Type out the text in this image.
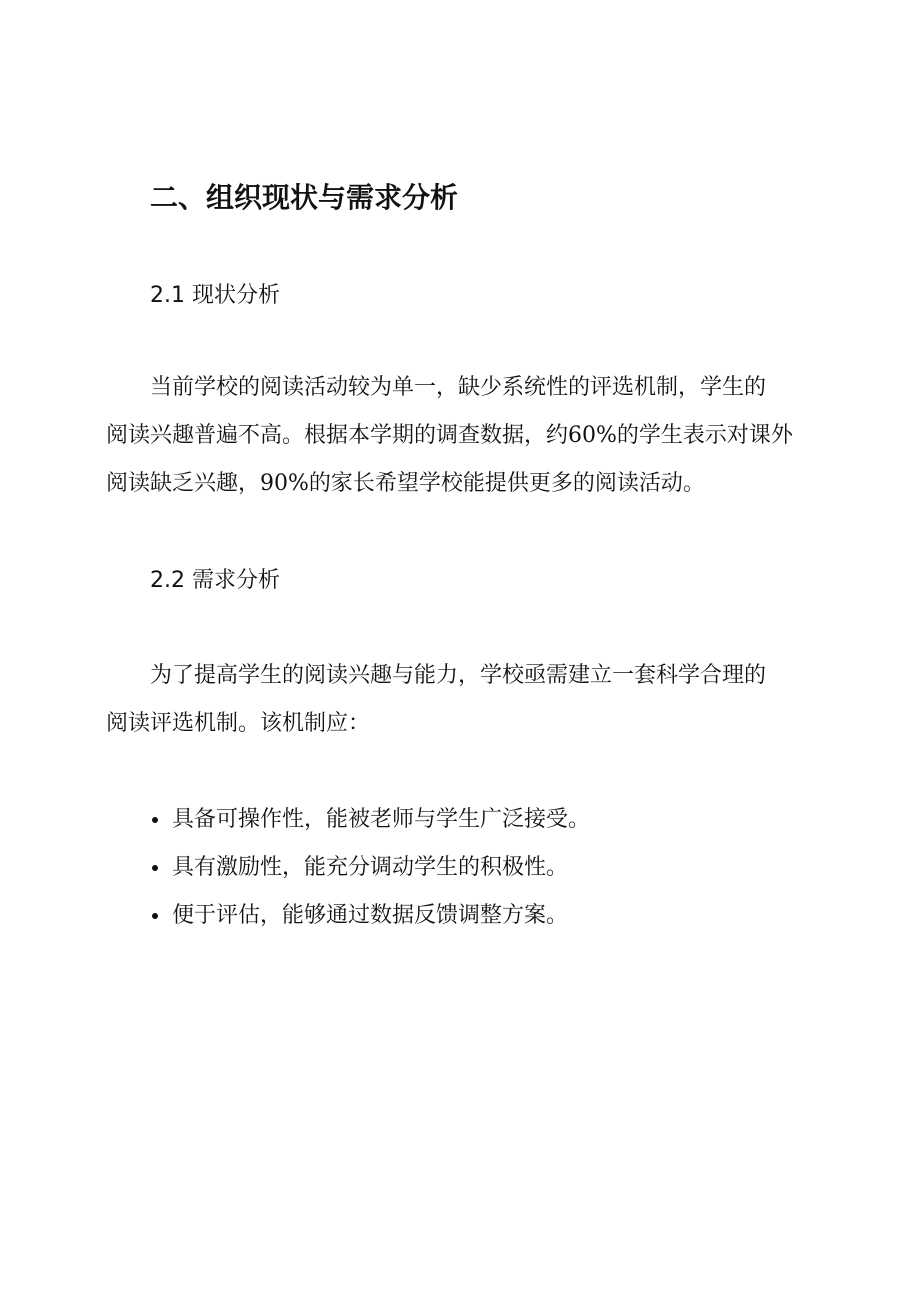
二、组织现状与需求分析
2.1 现状分析

当前学校的阅读活动较为单一，缺少系统性的评选机制，学生的
阅读兴趣普遍不高。根据本学期的调查数据，约60%的学生表示对课外
阅读缺乏兴趣，90%的家长希望学校能提供更多的阅读活动。

2.2 需求分析

为了提高学生的阅读兴趣与能力，学校亟需建立一套科学合理的
阅读评选机制。该机制应：

具备可操作性，能被老师与学生广泛接受。
具有激励性，能充分调动学生的积极性。
便于评估，能够通过数据反馈调整方案。
